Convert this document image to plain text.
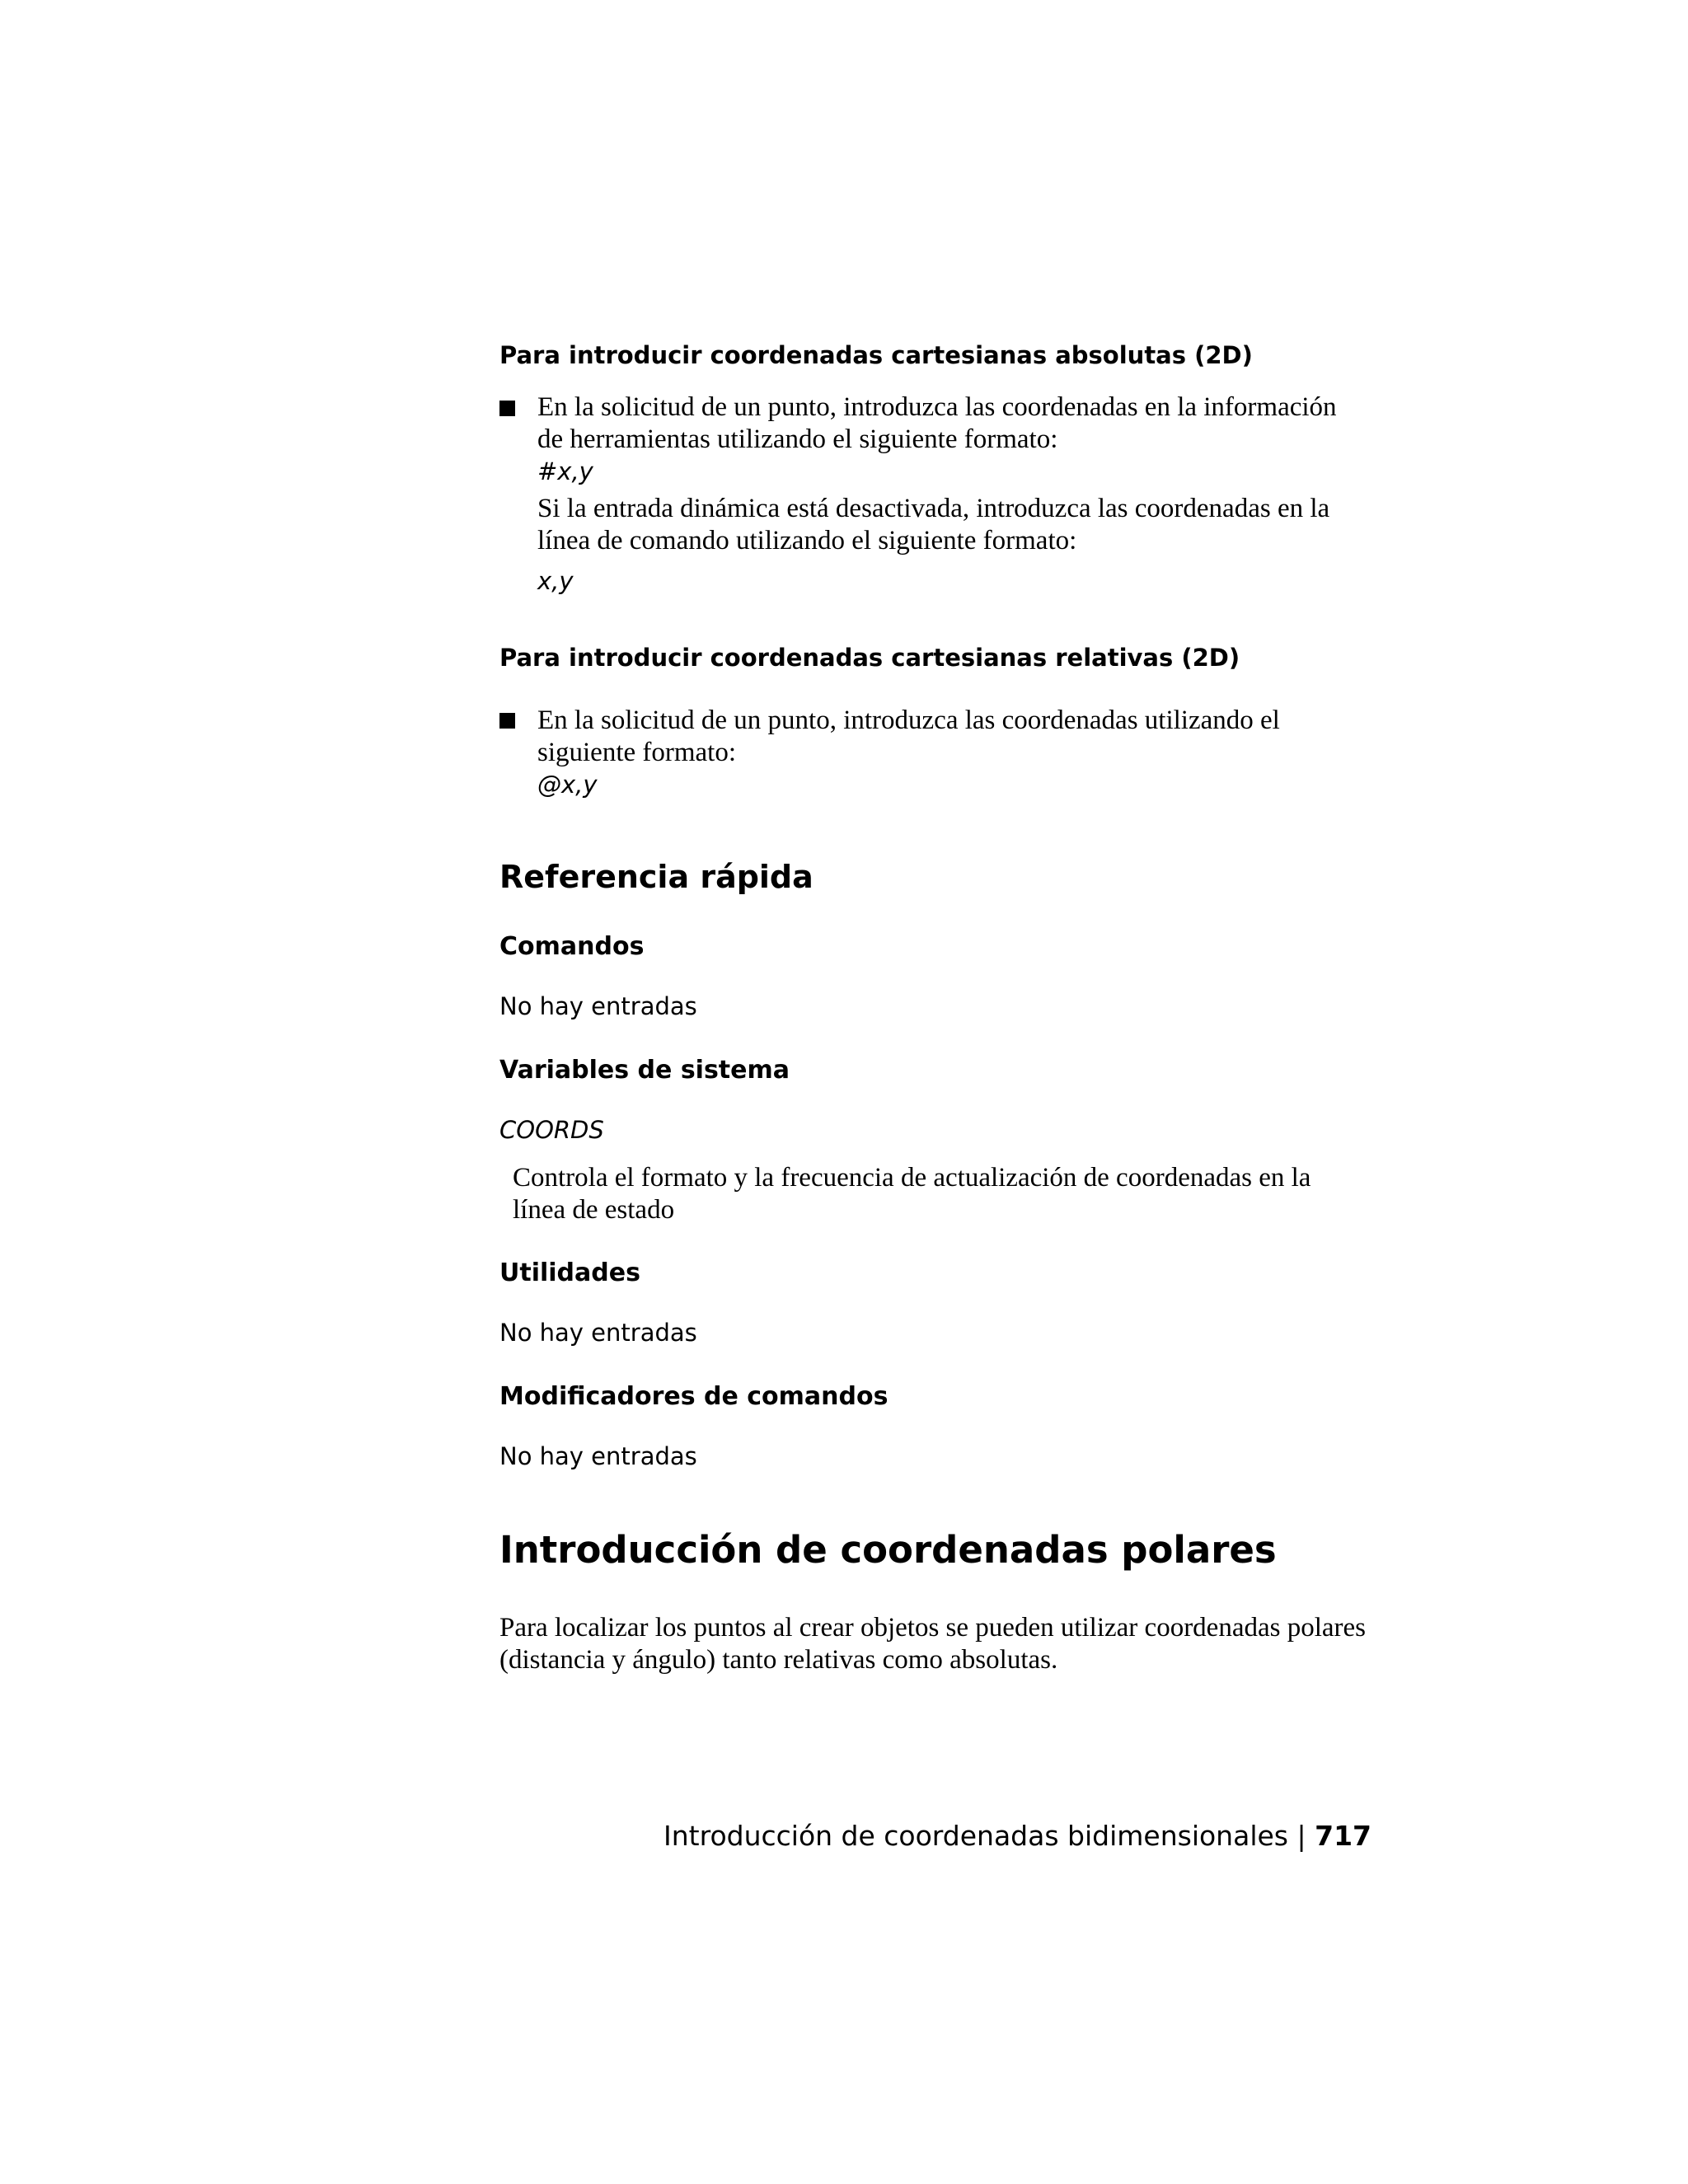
Para introducir coordenadas cartesianas absolutas (2D)
En la solicitud de un punto, introduzca las coordenadas en la información
de herramientas utilizando el siguiente formato:
#x,y
Si la entrada dinámica está desactivada, introduzca las coordenadas en la
línea de comando utilizando el siguiente formato:
x,y
Para introducir coordenadas cartesianas relativas (2D)
En la solicitud de un punto, introduzca las coordenadas utilizando el
siguiente formato:
@x,y
Referencia rápida
Comandos
No hay entradas
Variables de sistema
COORDS
Controla el formato y la frecuencia de actualización de coordenadas en la
línea de estado
Utilidades
No hay entradas
Modificadores de comandos
No hay entradas
Introducción de coordenadas polares
Para localizar los puntos al crear objetos se pueden utilizar coordenadas polares
(distancia y ángulo) tanto relativas como absolutas.
Introducción de coordenadas bidimensionales | 717
